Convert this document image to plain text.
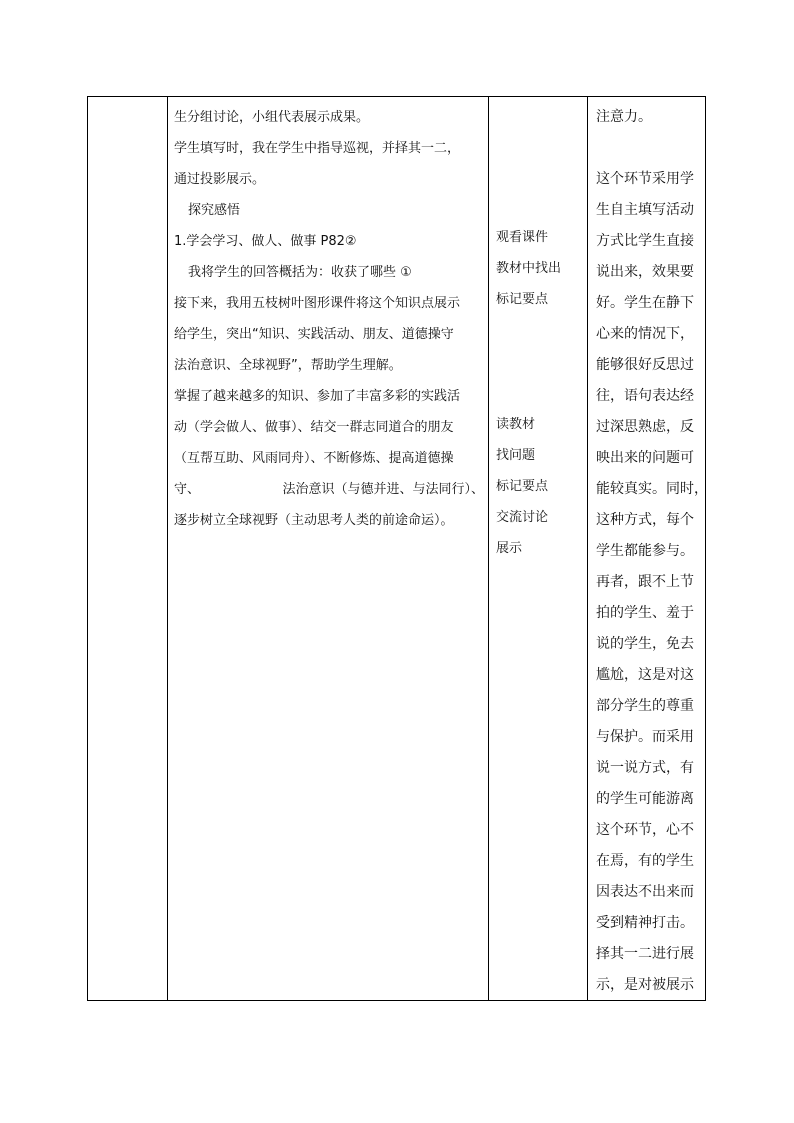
生分组讨论，小组代表展示成果。
学生填写时，我在学生中指导巡视，并择其一二，
通过投影展示。
探究感悟
1.学会学习、做人、做事 P82②
我将学生的回答概括为：收获了哪些 ①
接下来，我用五枝树叶图形课件将这个知识点展示
给学生，突出“知识、实践活动、朋友、道德操守
法治意识、全球视野”，帮助学生理解。
掌握了越来越多的知识、参加了丰富多彩的实践活
动（学会做人、做事）、结交一群志同道合的朋友
（互帮互助、风雨同舟）、不断修炼、提高道德操
守、	法治意识（与德并进、与法同行）、
逐步树立全球视野（主动思考人类的前途命运）。
观看课件
教材中找出
标记要点
读教材
找问题
标记要点
交流讨论
展示
注意力。
这个环节采用学
生自主填写活动
方式比学生直接
说出来，效果要
好。学生在静下
心来的情况下，
能够很好反思过
往，语句表达经
过深思熟虑，反
映出来的问题可
能较真实。同时，
这种方式，每个
学生都能参与。
再者，跟不上节
拍的学生、羞于
说的学生，免去
尴尬，这是对这
部分学生的尊重
与保护。而采用
说一说方式，有
的学生可能游离
这个环节，心不
在焉，有的学生
因表达不出来而
受到精神打击。
择其一二进行展
示，是对被展示
